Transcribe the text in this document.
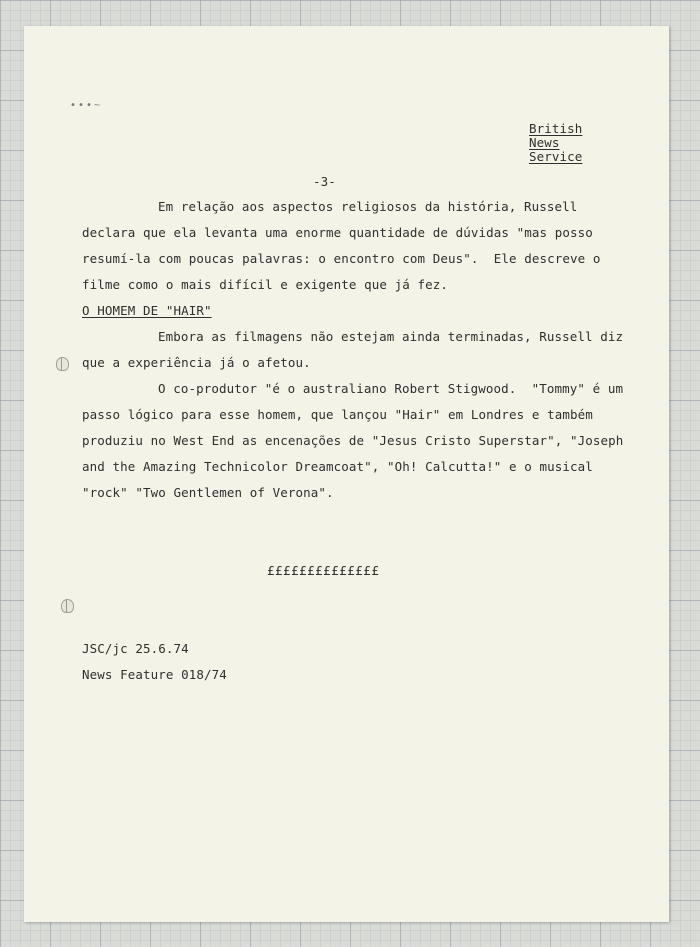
•••~
British
News
Service
-3-
Em relação aos aspectos religiosos da história, Russell
declara que ela levanta uma enorme quantidade de dúvidas "mas posso
resumí-la com poucas palavras: o encontro com Deus".  Ele descreve o
filme como o mais difícil e exigente que já fez.
O HOMEM DE "HAIR"
Embora as filmagens não estejam ainda terminadas, Russell diz
que a experiência já o afetou.
O co-produtor "é o australiano Robert Stigwood.  "Tommy" é um
passo lógico para esse homem, que lançou "Hair" em Londres e também
produziu no West End as encenações de "Jesus Cristo Superstar", "Joseph
and the Amazing Technicolor Dreamcoat", "Oh! Calcutta!" e o musical
"rock" "Two Gentlemen of Verona".
££££££££££££££
JSC/jc 25.6.74
News Feature 018/74
